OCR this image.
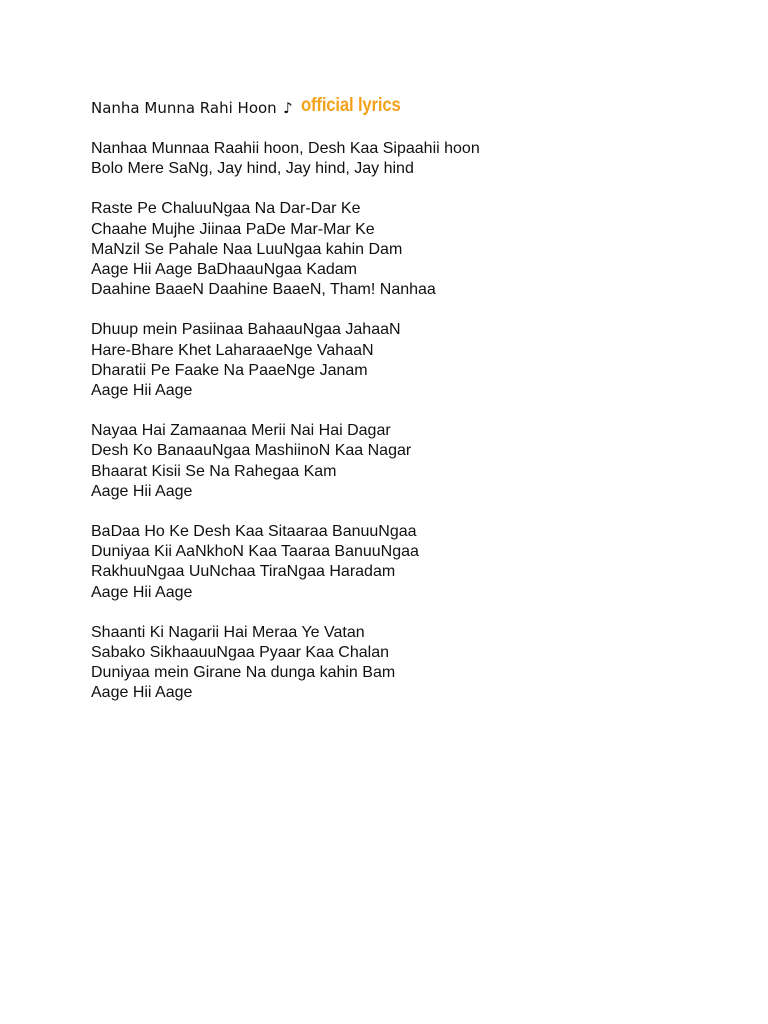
Nanha Munna Rahi Hoon ♪ official lyrics
Nanhaa Munnaa Raahii hoon, Desh Kaa Sipaahii hoon
Bolo Mere SaNg, Jay hind, Jay hind, Jay hind
Raste Pe ChaluuNgaa Na Dar-Dar Ke
Chaahe Mujhe Jiinaa PaDe Mar-Mar Ke
MaNzil Se Pahale Naa LuuNgaa kahin Dam
Aage Hii Aage BaDhaauNgaa Kadam
Daahine BaaeN Daahine BaaeN, Tham! Nanhaa
Dhuup mein Pasiinaa BahaauNgaa JahaaN
Hare-Bhare Khet LaharaaeNge VahaaN
Dharatii Pe Faake Na PaaeNge Janam
Aage Hii Aage
Nayaa Hai Zamaanaa Merii Nai Hai Dagar
Desh Ko BanaauNgaa MashiinoN Kaa Nagar
Bhaarat Kisii Se Na Rahegaa Kam
Aage Hii Aage
BaDaa Ho Ke Desh Kaa Sitaaraa BanuuNgaa
Duniyaa Kii AaNkhoN Kaa Taaraa BanuuNgaa
RakhuuNgaa UuNchaa TiraNgaa Haradam
Aage Hii Aage
Shaanti Ki Nagarii Hai Meraa Ye Vatan
Sabako SikhaauuNgaa Pyaar Kaa Chalan
Duniyaa mein Girane Na dunga kahin Bam
Aage Hii Aage
